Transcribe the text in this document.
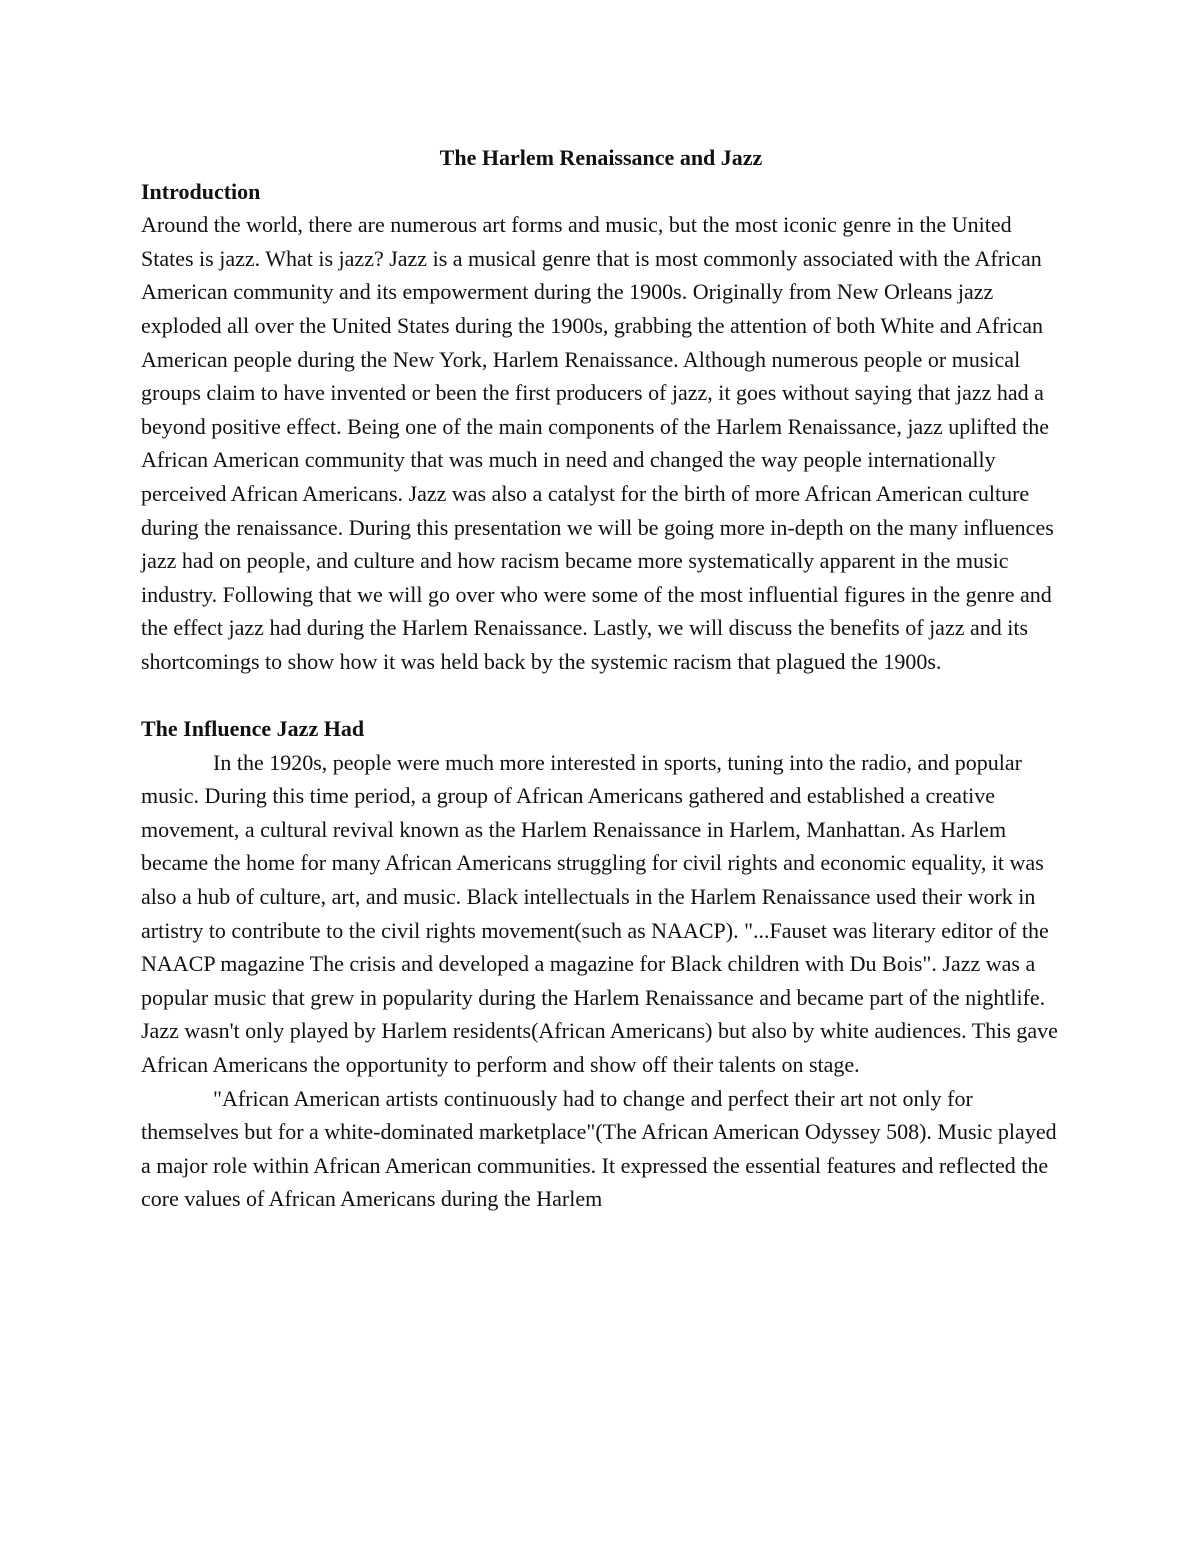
The Harlem Renaissance and Jazz

Introduction

Around the world, there are numerous art forms and music, but the most iconic genre in the United States is jazz. What is jazz? Jazz is a musical genre that is most commonly associated with the African American community and its empowerment during the 1900s. Originally from New Orleans jazz exploded all over the United States during the 1900s, grabbing the attention of both White and African American people during the New York, Harlem Renaissance. Although numerous people or musical groups claim to have invented or been the first producers of jazz, it goes without saying that jazz had a beyond positive effect. Being one of the main components of the Harlem Renaissance, jazz uplifted the African American community that was much in need and changed the way people internationally perceived African Americans. Jazz was also a catalyst for the birth of more African American culture during the renaissance. During this presentation we will be going more in-depth on the many influences jazz had on people, and culture and how racism became more systematically apparent in the music industry. Following that we will go over who were some of the most influential figures in the genre and the effect jazz had during the Harlem Renaissance. Lastly, we will discuss the benefits of jazz and its shortcomings to show how it was held back by the systemic racism that plagued the 1900s.

The Influence Jazz Had

In the 1920s, people were much more interested in sports, tuning into the radio, and popular music. During this time period, a group of African Americans gathered and established a creative movement, a cultural revival known as the Harlem Renaissance in Harlem, Manhattan. As Harlem became the home for many African Americans struggling for civil rights and economic equality, it was also a hub of culture, art, and music. Black intellectuals in the Harlem Renaissance used their work in artistry to contribute to the civil rights movement(such as NAACP). "...Fauset was literary editor of the NAACP magazine The crisis and developed a magazine for Black children with Du Bois". Jazz was a popular music that grew in popularity during the Harlem Renaissance and became part of the nightlife. Jazz wasn't only played by Harlem residents(African Americans) but also by white audiences. This gave African Americans the opportunity to perform and show off their talents on stage.

"African American artists continuously had to change and perfect their art not only for themselves but for a white-dominated marketplace"(The African American Odyssey 508). Music played a major role within African American communities. It expressed the essential features and reflected the core values of African Americans during the Harlem
